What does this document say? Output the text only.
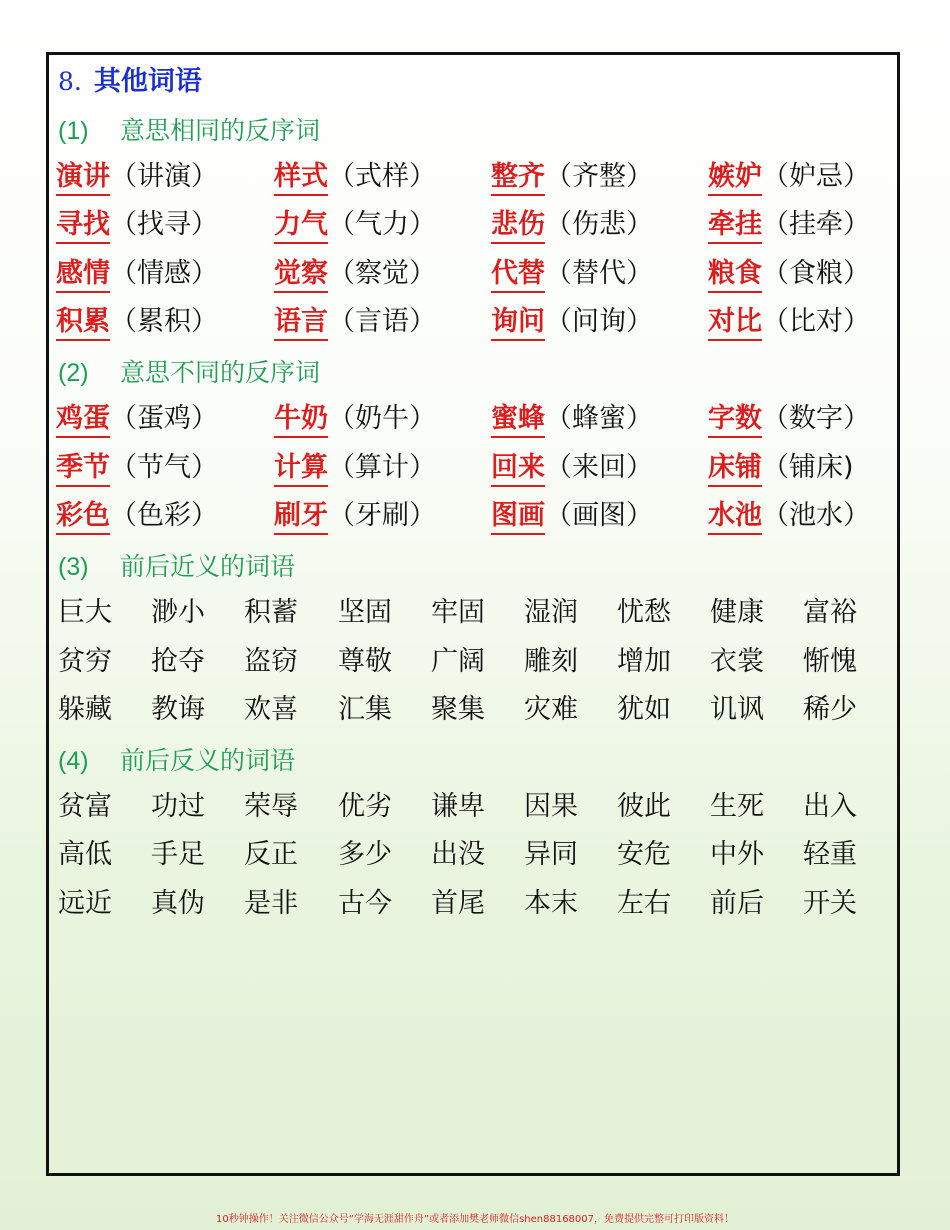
8. 其他词语
(1) 意思相同的反序词
演讲（讲演） 样式（式样） 整齐（齐整） 嫉妒（妒忌）
寻找（找寻） 力气（气力） 悲伤（伤悲） 牵挂（挂牵）
感情（情感） 觉察（察觉） 代替（替代） 粮食（食粮）
积累（累积） 语言（言语） 询问（问询） 对比（比对）
(2) 意思不同的反序词
鸡蛋（蛋鸡） 牛奶（奶牛） 蜜蜂（蜂蜜） 字数（数字）
季节（节气） 计算（算计） 回来（来回） 床铺（铺床)
彩色（色彩） 刷牙（牙刷） 图画（画图） 水池（池水）
(3) 前后近义的词语
巨大 渺小 积蓄 坚固 牢固 湿润 忧愁 健康 富裕
贫穷 抢夺 盗窃 尊敬 广阔 雕刻 增加 衣裳 惭愧
躲藏 教诲 欢喜 汇集 聚集 灾难 犹如 讥讽 稀少
(4) 前后反义的词语
贫富 功过 荣辱 优劣 谦卑 因果 彼此 生死 出入
高低 手足 反正 多少 出没 异同 安危 中外 轻重
远近 真伪 是非 古今 首尾 本末 左右 前后 开关
10秒钟操作！关注微信公众号“学海无涯甜作舟”或者添加樊老师微信shen88168007，免费提供完整可打印版资料！
